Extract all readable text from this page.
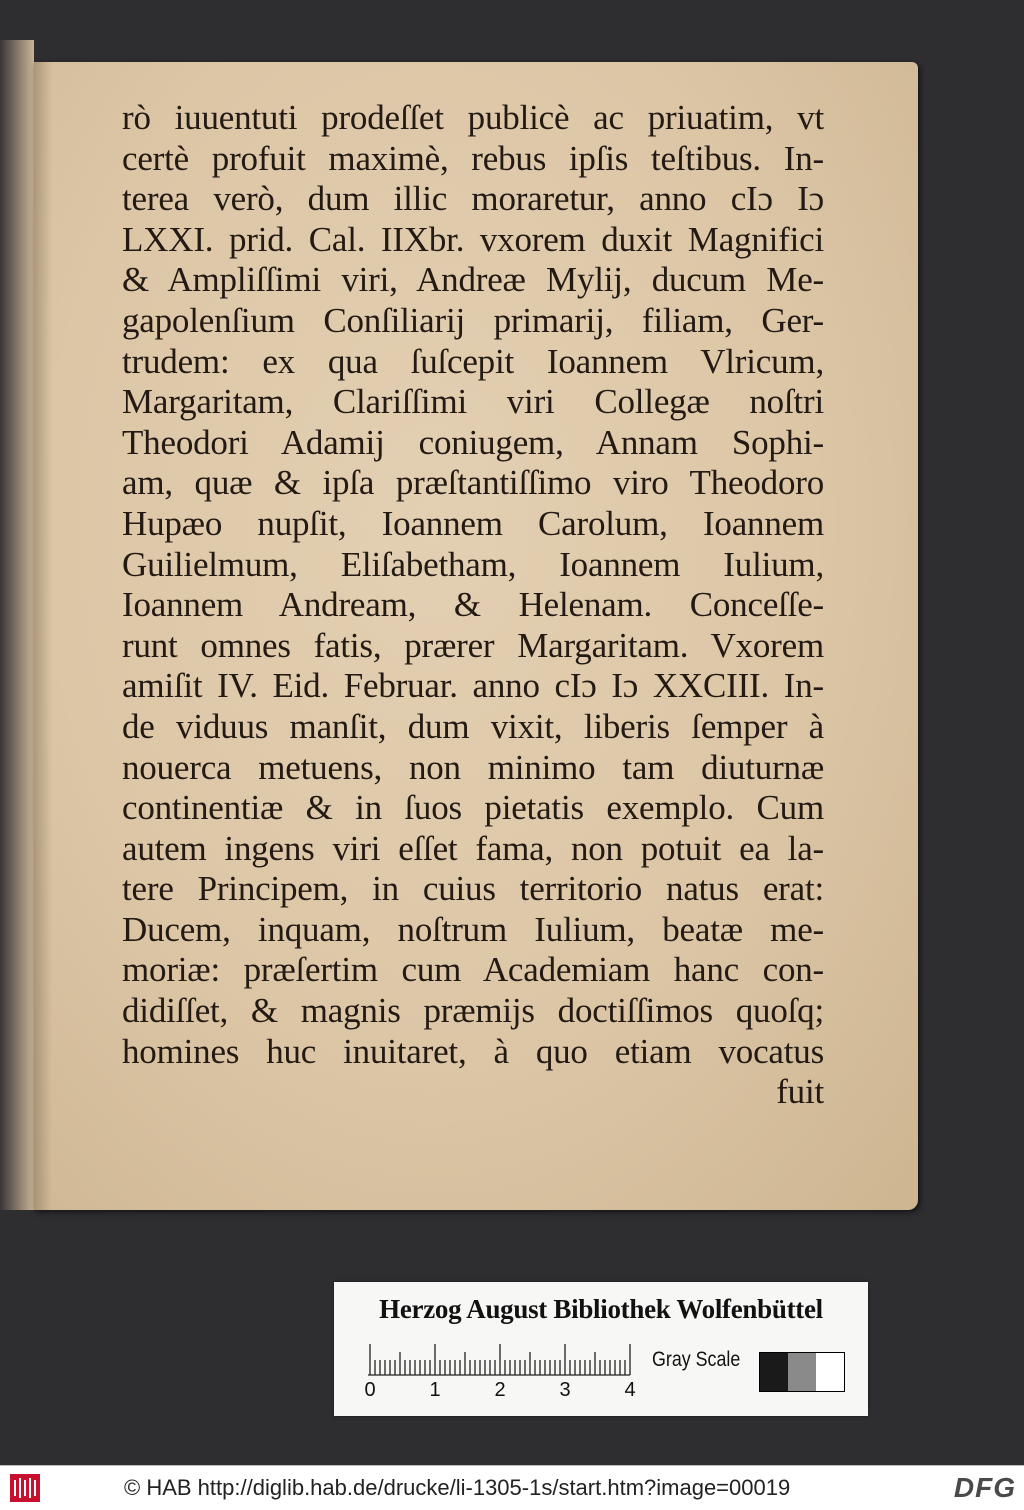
rò iuuentuti prodeſſet publicè ac priuatim, vt
certè profuit maximè, rebus ipſis teſtibus. In-
terea verò, dum illic moraretur, anno cIɔ Iɔ
LXXI. prid. Cal. IIXbr. vxorem duxit Magnifici
& Ampliſſimi viri, Andreæ Mylij, ducum Me-
gapolenſium Conſiliarij primarij, filiam, Ger-
trudem: ex qua ſuſcepit Ioannem Vlricum,
Margaritam, Clariſſimi viri Collegæ noſtri
Theodori Adamij coniugem, Annam Sophi-
am, quæ & ipſa præſtantiſſimo viro Theodoro
Hupæo nupſit, Ioannem Carolum, Ioannem
Guilielmum, Eliſabetham, Ioannem Iulium,
Ioannem Andream, & Helenam. Conceſſe-
runt omnes fatis, prærer Margaritam. Vxorem
amiſit IV. Eid. Februar. anno cIɔ Iɔ XXCIII. In-
de viduus manſit, dum vixit, liberis ſemper à
nouerca metuens, non minimo tam diuturnæ
continentiæ & in ſuos pietatis exemplo. Cum
autem ingens viri eſſet fama, non potuit ea la-
tere Principem, in cuius territorio natus erat:
Ducem, inquam, noſtrum Iulium, beatæ me-
moriæ: præſertim cum Academiam hanc con-
didiſſet, & magnis præmijs doctiſſimos quoſq;
homines huc inuitaret, à quo etiam vocatus
fuit
Herzog August Bibliothek Wolfenbüttel
0	1	2	3	4
Gray Scale
© HAB http://diglib.hab.de/drucke/li-1305-1s/start.htm?image=00019	DFG
